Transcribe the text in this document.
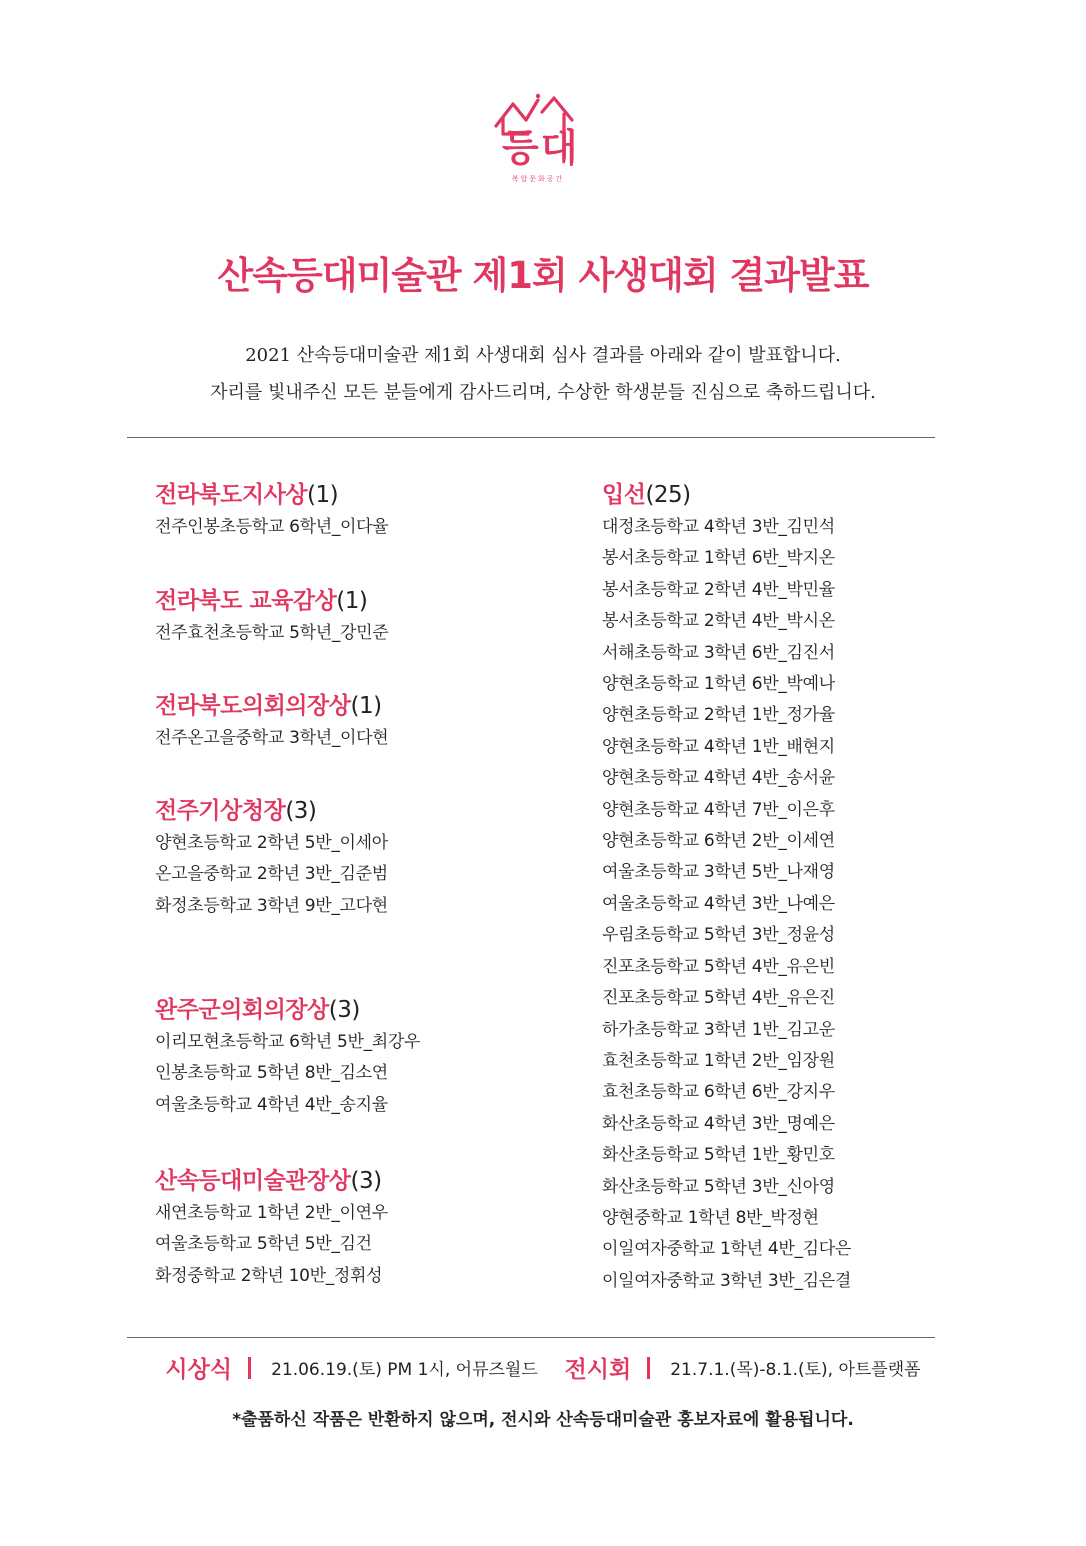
등대
복합문화공간
산속등대미술관 제1회 사생대회 결과발표
2021 산속등대미술관 제1회 사생대회 심사 결과를 아래와 같이 발표합니다.
자리를 빛내주신 모든 분들에게 감사드리며, 수상한 학생분들 진심으로 축하드립니다.
전라북도지사상(1)
전주인봉초등학교 6학년_이다율
전라북도 교육감상(1)
전주효천초등학교 5학년_강민준
전라북도의회의장상(1)
전주온고을중학교 3학년_이다현
전주기상청장(3)
양현초등학교 2학년 5반_이세아
온고을중학교 2학년 3반_김준범
화정초등학교 3학년 9반_고다현
완주군의회의장상(3)
이리모현초등학교 6학년 5반_최강우
인봉초등학교 5학년 8반_김소연
여울초등학교 4학년 4반_송지율
산속등대미술관장상(3)
새연초등학교 1학년 2반_이연우
여울초등학교 5학년 5반_김건
화정중학교 2학년 10반_정휘성
입선(25)
대정초등학교 4학년 3반_김민석
봉서초등학교 1학년 6반_박지온
봉서초등학교 2학년 4반_박민율
봉서초등학교 2학년 4반_박시온
서해초등학교 3학년 6반_김진서
양현초등학교 1학년 6반_박예나
양현초등학교 2학년 1반_정가율
양현초등학교 4학년 1반_배현지
양현초등학교 4학년 4반_송서윤
양현초등학교 4학년 7반_이은후
양현초등학교 6학년 2반_이세연
여울초등학교 3학년 5반_나재영
여울초등학교 4학년 3반_나예은
우림초등학교 5학년 3반_정윤성
진포초등학교 5학년 4반_유은빈
진포초등학교 5학년 4반_유은진
하가초등학교 3학년 1반_김고운
효천초등학교 1학년 2반_임장원
효천초등학교 6학년 6반_강지우
화산초등학교 4학년 3반_명예은
화산초등학교 5학년 1반_황민호
화산초등학교 5학년 3반_신아영
양현중학교 1학년 8반_박정현
이일여자중학교 1학년 4반_김다은
이일여자중학교 3학년 3반_김은결
시상식 21.06.19.(토) PM 1시, 어뮤즈월드 전시회 21.7.1.(목)-8.1.(토), 아트플랫폼
*출품하신 작품은 반환하지 않으며, 전시와 산속등대미술관 홍보자료에 활용됩니다.
